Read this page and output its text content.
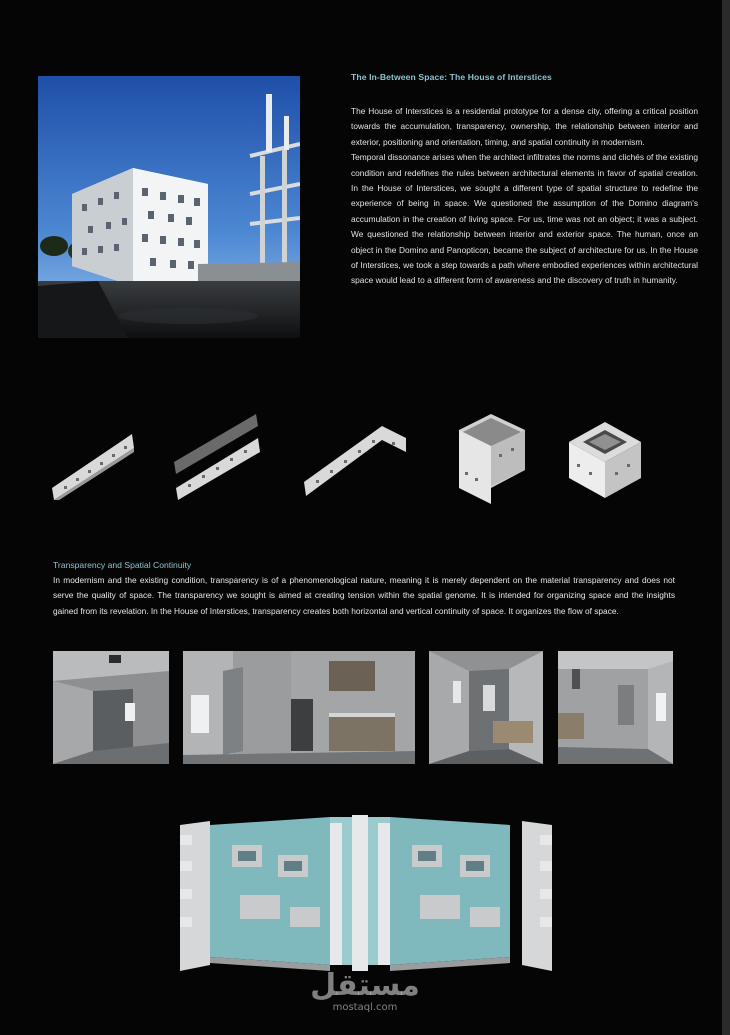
The In-Between Space: The House of Interstices

The House of Interstices is a residential prototype for a dense city, offering a critical position towards the accumulation, transparency, ownership, the relationship between interior and exterior, positioning and orientation, timing, and spatial continuity in modernism.

Temporal dissonance arises when the architect infiltrates the norms and clichés of the existing condition and redefines the rules between architectural elements in favor of spatial creation. In the House of Interstices, we sought a different type of spatial structure to redefine the experience of being in space. We questioned the assumption of the Domino diagram's accumulation in the creation of living space. For us, time was not an object; it was a subject. We questioned the relationship between interior and exterior space. The human, once an object in the Domino and Panopticon, became the subject of architecture for us. In the House of Interstices, we took a step towards a path where embodied experiences within architectural space would lead to a different form of awareness and the discovery of truth in humanity.

Transparency and Spatial Continuity
In modernism and the existing condition, transparency is of a phenomenological nature, meaning it is merely dependent on the material transparency and does not serve the quality of space. The transparency we sought is aimed at creating tension within the spatial genome. It is intended for organizing space and the insights gained from its revelation. In the House of Interstices, transparency creates both horizontal and vertical continuity of space. It organizes the flow of space.
مستقل
mostaql.com
